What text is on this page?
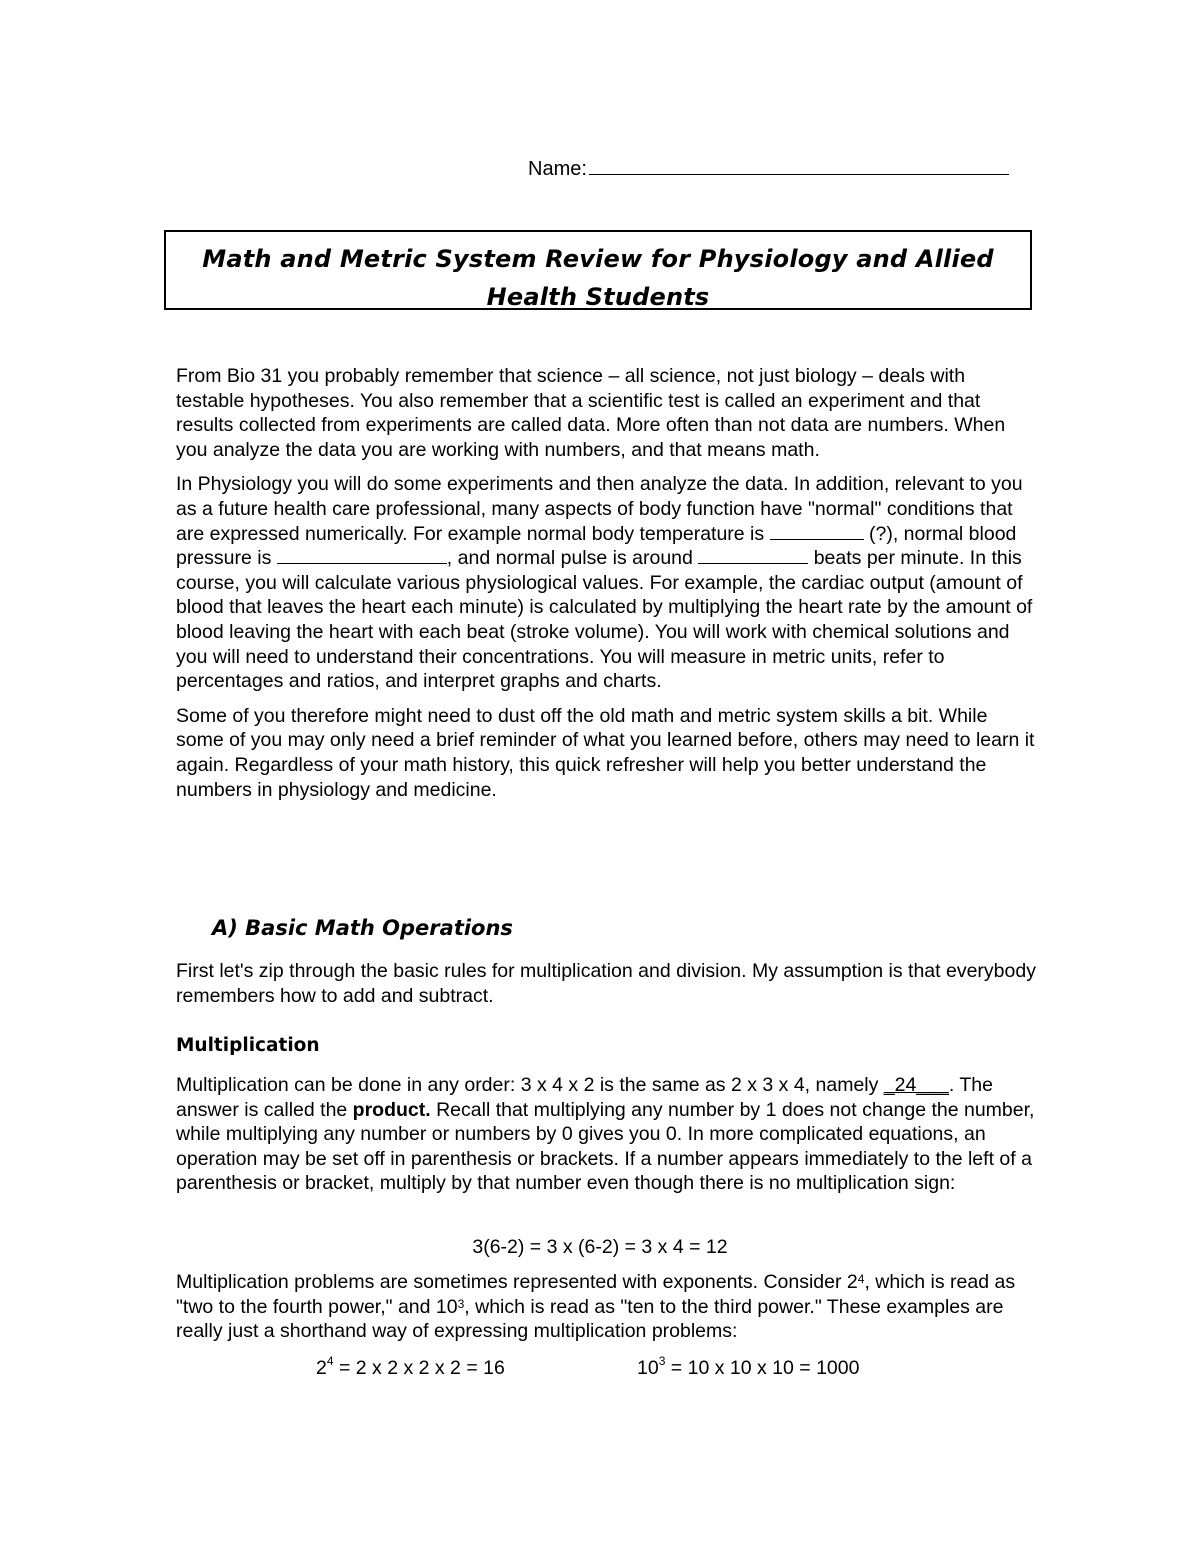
Name:
Math and Metric System Review for Physiology and Allied
Health Students

From Bio 31 you probably remember that science – all science, not just biology – deals with testable hypotheses. You also remember that a scientific test is called an experiment and that results collected from experiments are called data. More often than not data are numbers. When you analyze the data you are working with numbers, and that means math.

In Physiology you will do some experiments and then analyze the data. In addition, relevant to you as a future health care professional, many aspects of body function have "normal" conditions that are expressed numerically. For example normal body temperature is	(?), normal blood pressure is	, and normal pulse is around	beats per minute. In this course, you will calculate various physiological values. For example, the cardiac output (amount of blood that leaves the heart each minute) is calculated by multiplying the heart rate by the amount of blood leaving the heart with each beat (stroke volume). You will work with chemical solutions and you will need to understand their concentrations. You will measure in metric units, refer to percentages and ratios, and interpret graphs and charts.

Some of you therefore might need to dust off the old math and metric system skills a bit. While some of you may only need a brief reminder of what you learned before, others may need to learn it again. Regardless of your math history, this quick refresher will help you better understand the numbers in physiology and medicine.

A) Basic Math Operations

First let's zip through the basic rules for multiplication and division. My assumption is that everybody remembers how to add and subtract.

Multiplication

Multiplication can be done in any order: 3 x 4 x 2 is the same as 2 x 3 x 4, namely _24___. The answer is called the product. Recall that multiplying any number by 1 does not change the number, while multiplying any number or numbers by 0 gives you 0. In more complicated equations, an operation may be set off in parenthesis or brackets. If a number appears immediately to the left of a parenthesis or bracket, multiply by that number even though there is no multiplication sign:

3(6-2) = 3 x (6-2) = 3 x 4 = 12

Multiplication problems are sometimes represented with exponents. Consider $2^4$, which is read as "two to the fourth power," and $10^3$, which is read as "ten to the third power." These examples are really just a shorthand way of expressing multiplication problems:

$2^4 = 2$ x 2 x 2 x 2 = 16	$10^3 = 10$ x 10 x 10 = 1000
